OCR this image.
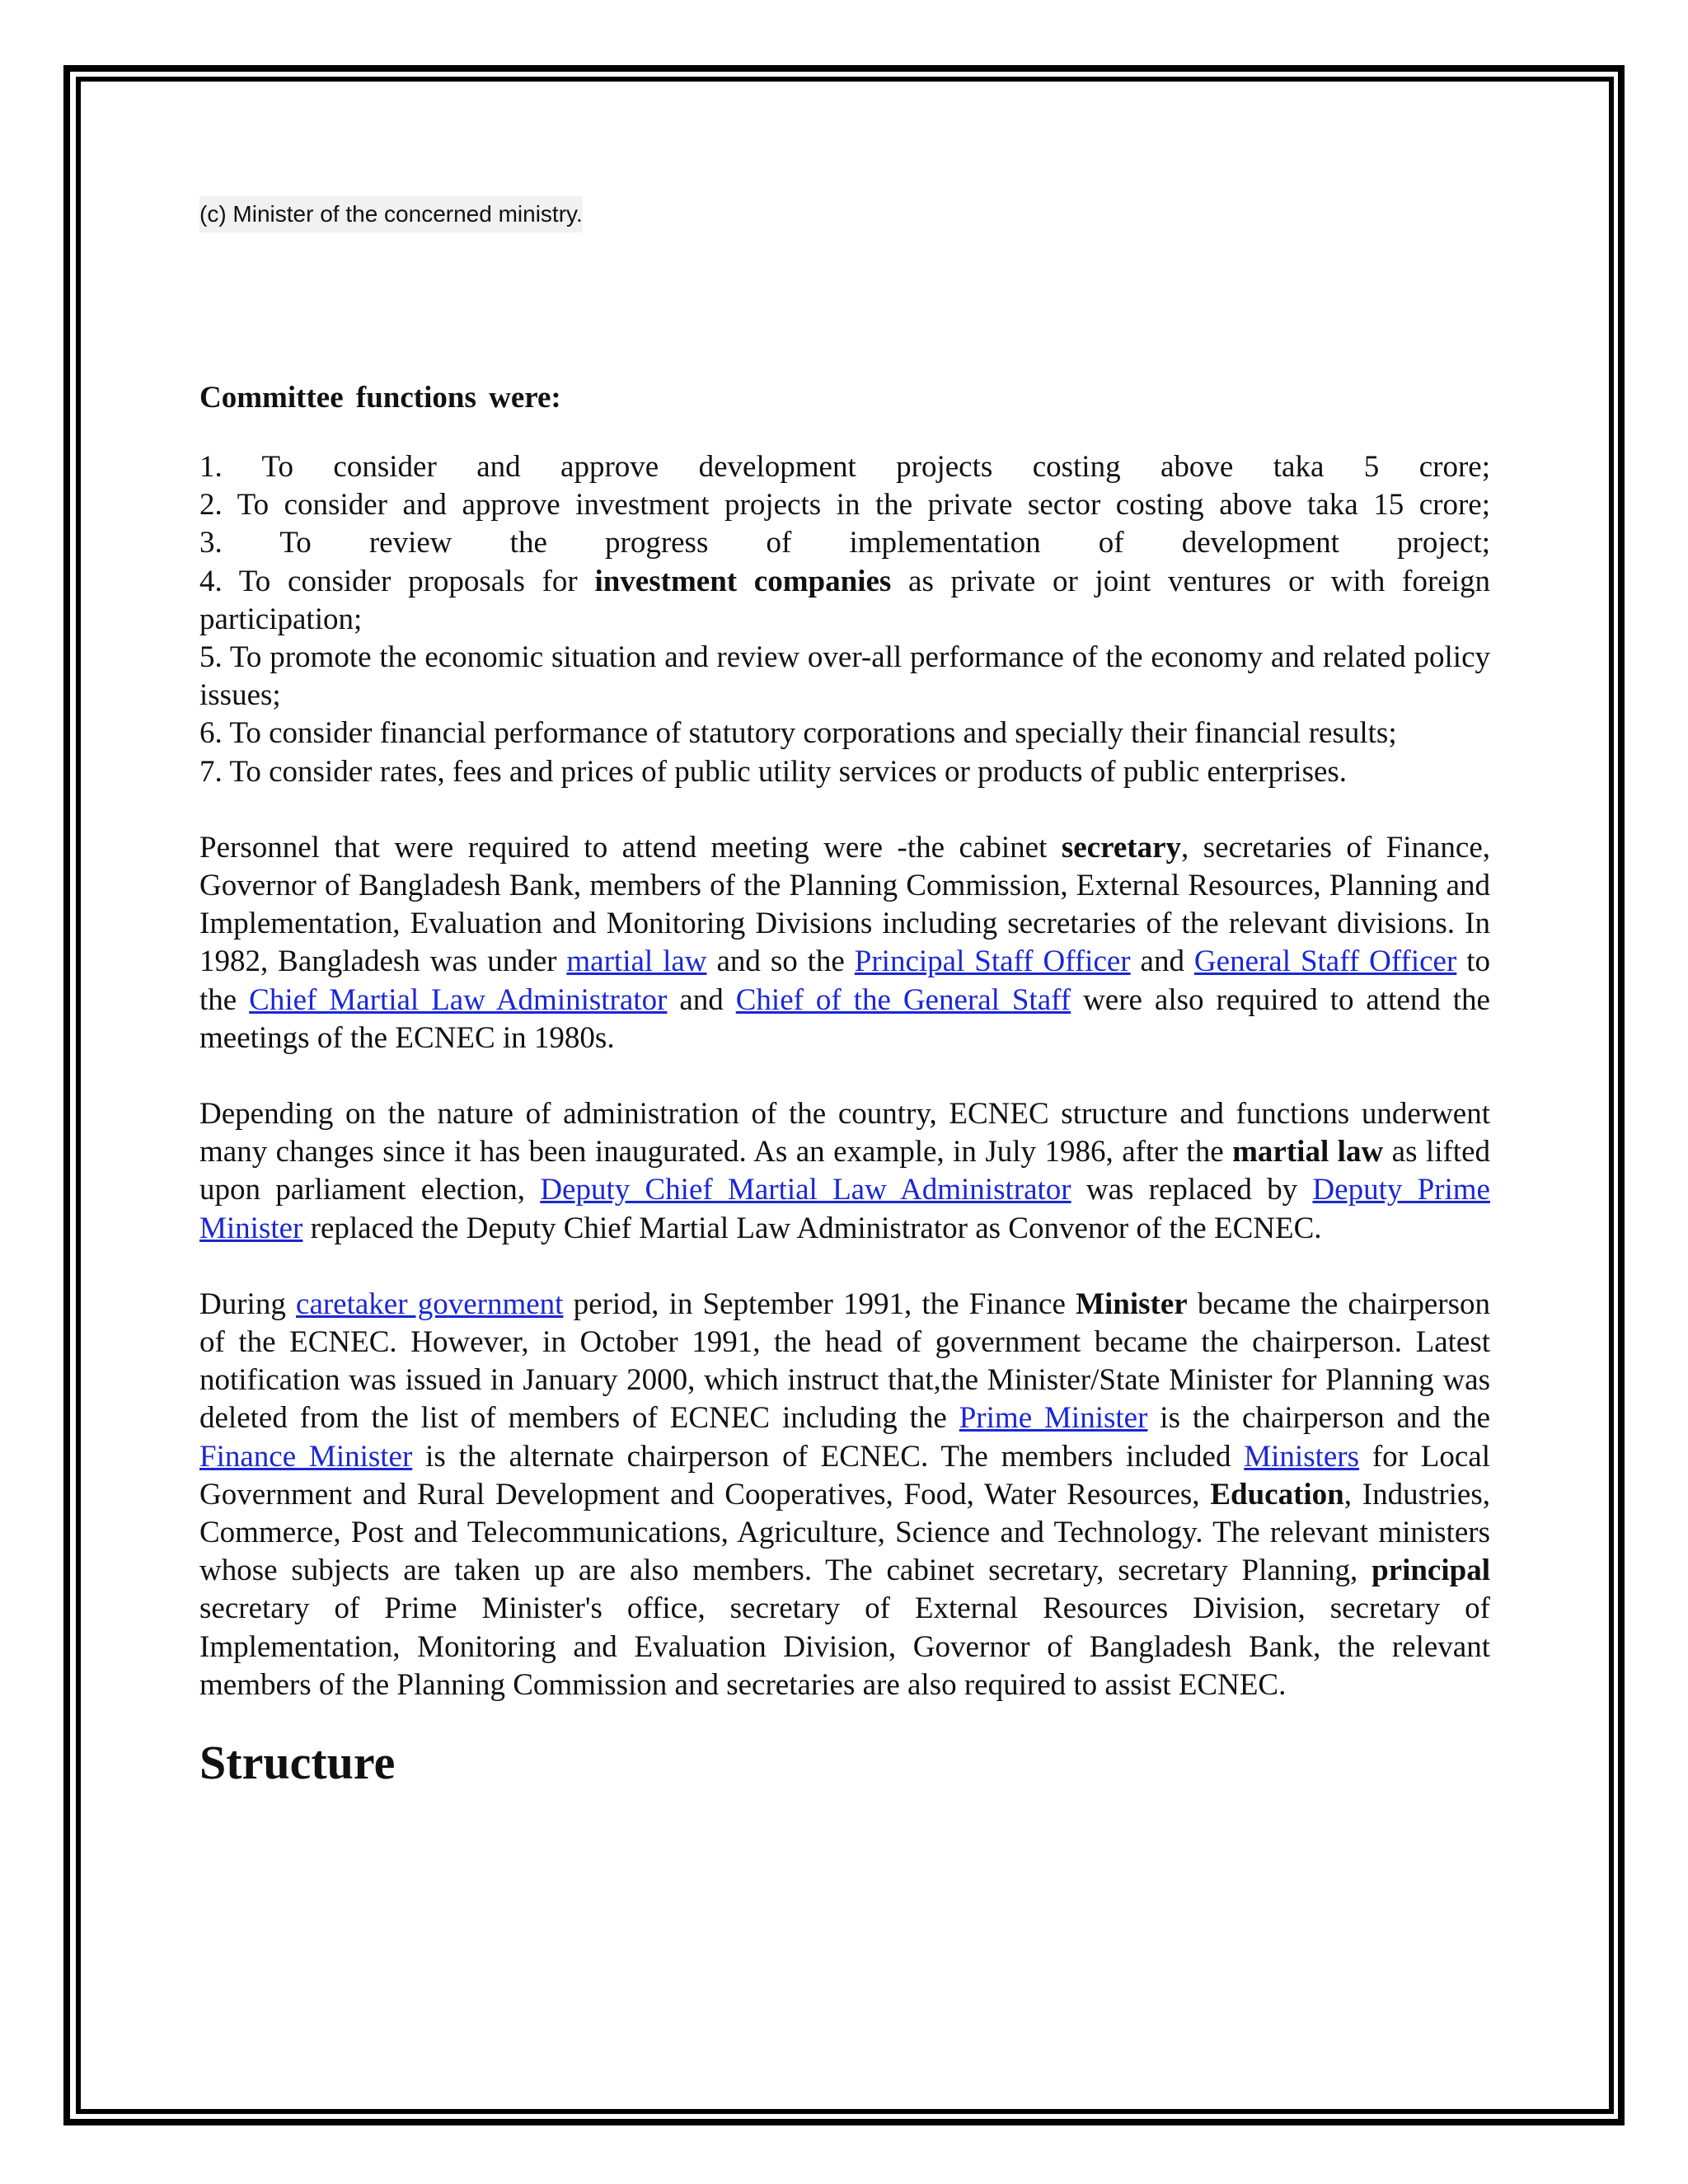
(c) Minister of the concerned ministry.
Committee functions were:
1. To consider and approve development projects costing above taka 5 crore;
2. To consider and approve investment projects in the private sector costing above taka 15 crore;
3. To review the progress of implementation of development project;
4. To consider proposals for investment companies as private or joint ventures or with foreign participation;
5. To promote the economic situation and review over-all performance of the economy and related policy issues;
6. To consider financial performance of statutory corporations and specially their financial results;
7. To consider rates, fees and prices of public utility services or products of public enterprises.

Personnel that were required to attend meeting were -the cabinet secretary, secretaries of Finance, Governor of Bangladesh Bank, members of the Planning Commission, External Resources, Planning and Implementation, Evaluation and Monitoring Divisions including secretaries of the relevant divisions. In 1982, Bangladesh was under martial law and so the Principal Staff Officer and General Staff Officer to the Chief Martial Law Administrator and Chief of the General Staff were also required to attend the meetings of the ECNEC in 1980s.

Depending on the nature of administration of the country, ECNEC structure and functions underwent many changes since it has been inaugurated. As an example, in July 1986, after the martial law as lifted upon parliament election, Deputy Chief Martial Law Administrator was replaced by Deputy Prime Minister replaced the Deputy Chief Martial Law Administrator as Convenor of the ECNEC.

During caretaker government period, in September 1991, the Finance Minister became the chairperson of the ECNEC. However, in October 1991, the head of government became the chairperson. Latest notification was issued in January 2000, which instruct that,the Minister/State Minister for Planning was deleted from the list of members of ECNEC including the Prime Minister is the chairperson and the Finance Minister is the alternate chairperson of ECNEC. The members included Ministers for Local Government and Rural Development and Cooperatives, Food, Water Resources, Education, Industries, Commerce, Post and Telecommunications, Agriculture, Science and Technology. The relevant ministers whose subjects are taken up are also members. The cabinet secretary, secretary Planning, principal secretary of Prime Minister's office, secretary of External Resources Division, secretary of Implementation, Monitoring and Evaluation Division, Governor of Bangladesh Bank, the relevant members of the Planning Commission and secretaries are also required to assist ECNEC.

Structure
